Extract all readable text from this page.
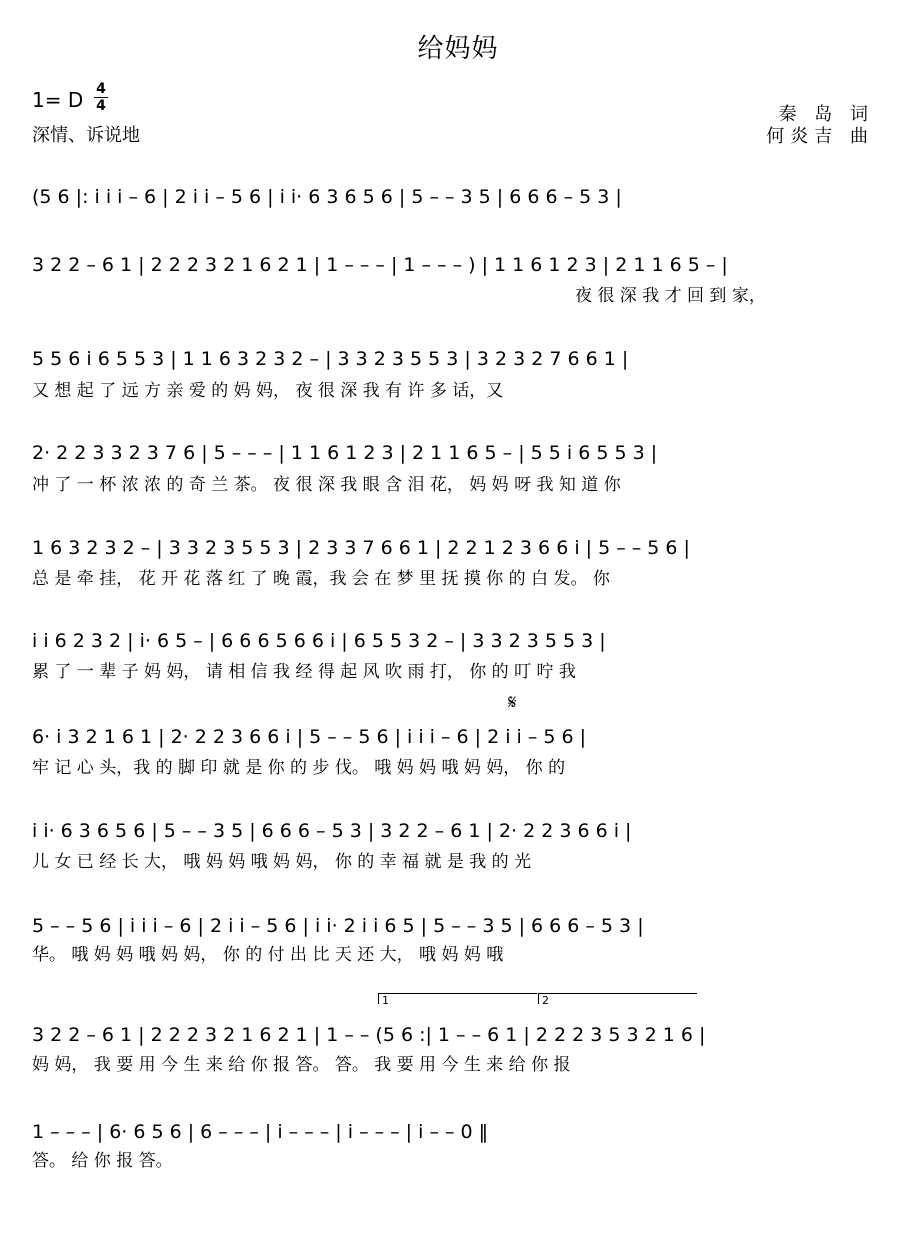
给妈妈
1= D 4
4
深情、诉说地
秦 岛 词
何炎吉 曲
𝄋
1	2
(5 6 |: i i i – 6 | 2 i i – 5 6 | i i· 6 3 6 5 6 | 5 – – 3 5 | 6 6 6 – 5 3 |
3 2 2 – 6 1 | 2 2 2 3 2 1 6 2 1 | 1 – – – | 1 – – – ) | 1 1 6 1 2 3 | 2 1 1 6 5 – |
夜 很 深 我 才 回 到 家，
5 5 6 i 6 5 5 3 | 1 1 6 3 2 3 2 – | 3 3 2 3 5 5 3 | 3 2 3 2 7 6 6 1 |
又 想 起 了 远 方 亲 爱 的 妈 妈， 夜 很 深 我 有 许 多 话，又
2· 2 2 3 3 2 3 7 6 | 5 – – – | 1 1 6 1 2 3 | 2 1 1 6 5 – | 5 5 i 6 5 5 3 |
冲 了 一 杯 浓 浓 的 奇 兰 茶。 夜 很 深 我 眼 含 泪 花， 妈 妈 呀 我 知 道 你
1 6 3 2 3 2 – | 3 3 2 3 5 5 3 | 2 3 3 7 6 6 1 | 2 2 1 2 3 6 6 i | 5 – – 5 6 |
总 是 牵 挂， 花 开 花 落 红 了 晚 霞，我 会 在 梦 里 抚 摸 你 的 白 发。 你
i i 6 2 3 2 | i· 6 5 – | 6 6 6 5 6 6 i | 6 5 5 3 2 – | 3 3 2 3 5 5 3 |
累 了 一 辈 子 妈 妈， 请 相 信 我 经 得 起 风 吹 雨 打， 你 的 叮 咛 我
6· i 3 2 1 6 1 | 2· 2 2 3 6 6 i | 5 – – 5 6 | i i i – 6 | 2 i i – 5 6 |
牢 记 心 头，我 的 脚 印 就 是 你 的 步 伐。 哦 妈 妈 哦 妈 妈， 你 的
i i· 6 3 6 5 6 | 5 – – 3 5 | 6 6 6 – 5 3 | 3 2 2 – 6 1 | 2· 2 2 3 6 6 i |
儿 女 已 经 长 大， 哦 妈 妈 哦 妈 妈， 你 的 幸 福 就 是 我 的 光
5 – – 5 6 | i i i – 6 | 2 i i – 5 6 | i i· 2 i i 6 5 | 5 – – 3 5 | 6 6 6 – 5 3 |
华。 哦 妈 妈 哦 妈 妈， 你 的 付 出 比 天 还 大， 哦 妈 妈 哦
3 2 2 – 6 1 | 2 2 2 3 2 1 6 2 1 | 1 – – (5 6 :| 1 – – 6 1 | 2 2 2 3 5 3 2 1 6 |
妈 妈， 我 要 用 今 生 来 给 你 报 答。 答。 我 要 用 今 生 来 给 你 报
1 – – – | 6· 6 5 6 | 6 – – – | i – – – | i – – – | i – – 0 ‖
答。 给 你 报 答。
